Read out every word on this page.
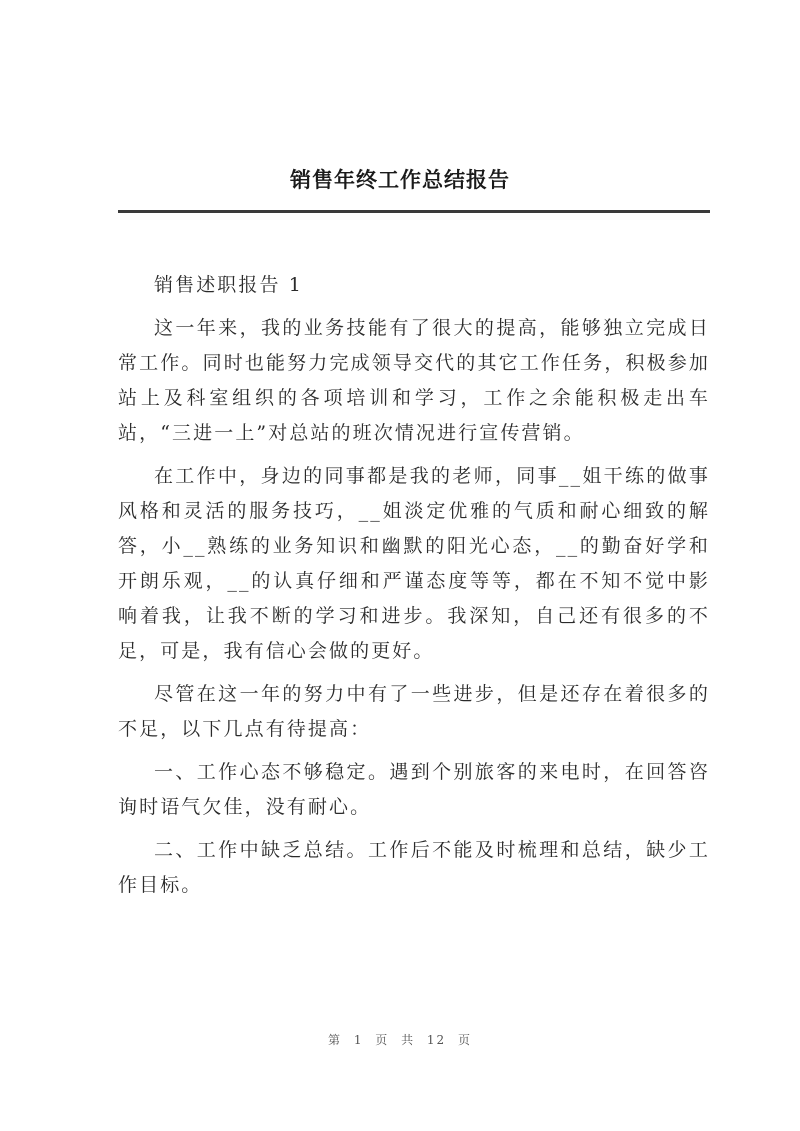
销售年终工作总结报告

销售述职报告 1

这一年来，我的业务技能有了很大的提高，能够独立完成日常工作。同时也能努力完成领导交代的其它工作任务，积极参加站上及科室组织的各项培训和学习，工作之余能积极走出车站，“三进一上”对总站的班次情况进行宣传营销。

在工作中，身边的同事都是我的老师，同事__姐干练的做事风格和灵活的服务技巧，__姐淡定优雅的气质和耐心细致的解答，小__熟练的业务知识和幽默的阳光心态，__的勤奋好学和开朗乐观，__的认真仔细和严谨态度等等，都在不知不觉中影响着我，让我不断的学习和进步。我深知，自己还有很多的不足，可是，我有信心会做的更好。

尽管在这一年的努力中有了一些进步，但是还存在着很多的不足，以下几点有待提高：

一、工作心态不够稳定。遇到个别旅客的来电时，在回答咨询时语气欠佳，没有耐心。

二、工作中缺乏总结。工作后不能及时梳理和总结，缺少工作目标。

第 1 页 共 12 页
